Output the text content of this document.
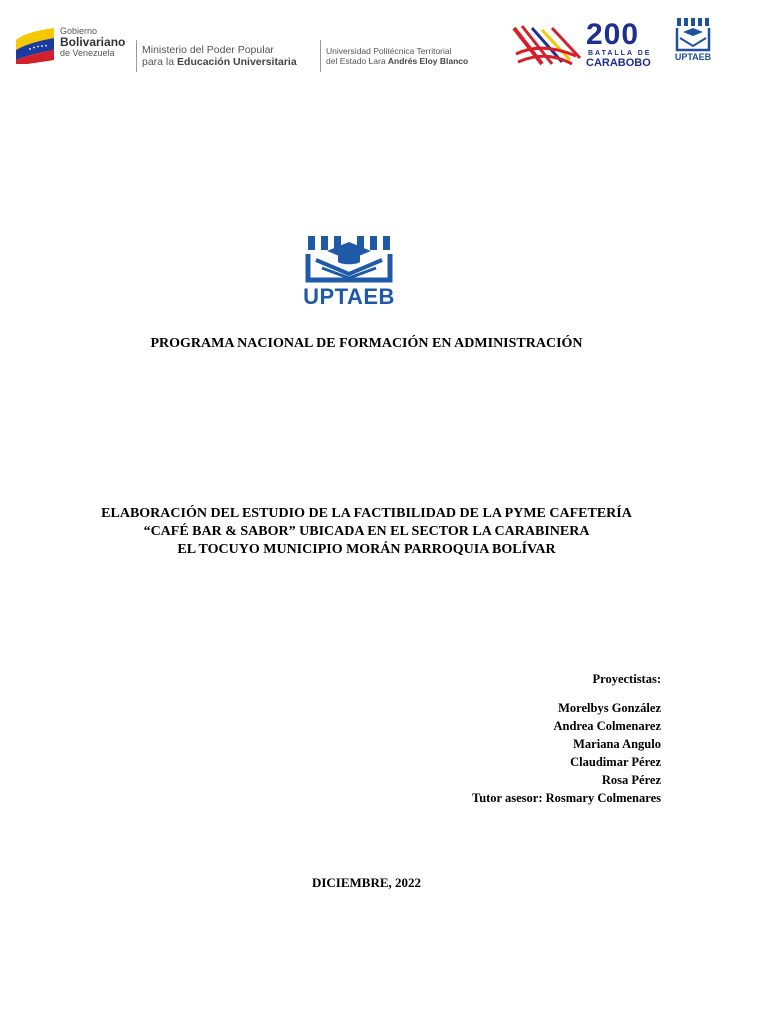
Gobierno
Bolivariano
de Venezuela	Ministerio del Poder Popular
para la Educación Universitaria
Universidad Politécnica Territorial
del Estado Lara Andrés Eloy Blanco
200
BATALLA DE
CARABOBO	UPTAEB
UPTAEB
PROGRAMA NACIONAL DE FORMACIÓN EN ADMINISTRACIÓN
ELABORACIÓN DEL ESTUDIO DE LA FACTIBILIDAD DE LA PYME CAFETERÍA
“CAFÉ BAR & SABOR” UBICADA EN EL SECTOR LA CARABINERA
EL TOCUYO MUNICIPIO MORÁN PARROQUIA BOLÍVAR
Proyectistas:
Morelbys González
Andrea Colmenarez
Mariana Angulo
Claudimar Pérez
Rosa Pérez
Tutor asesor: Rosmary Colmenares
DICIEMBRE, 2022
